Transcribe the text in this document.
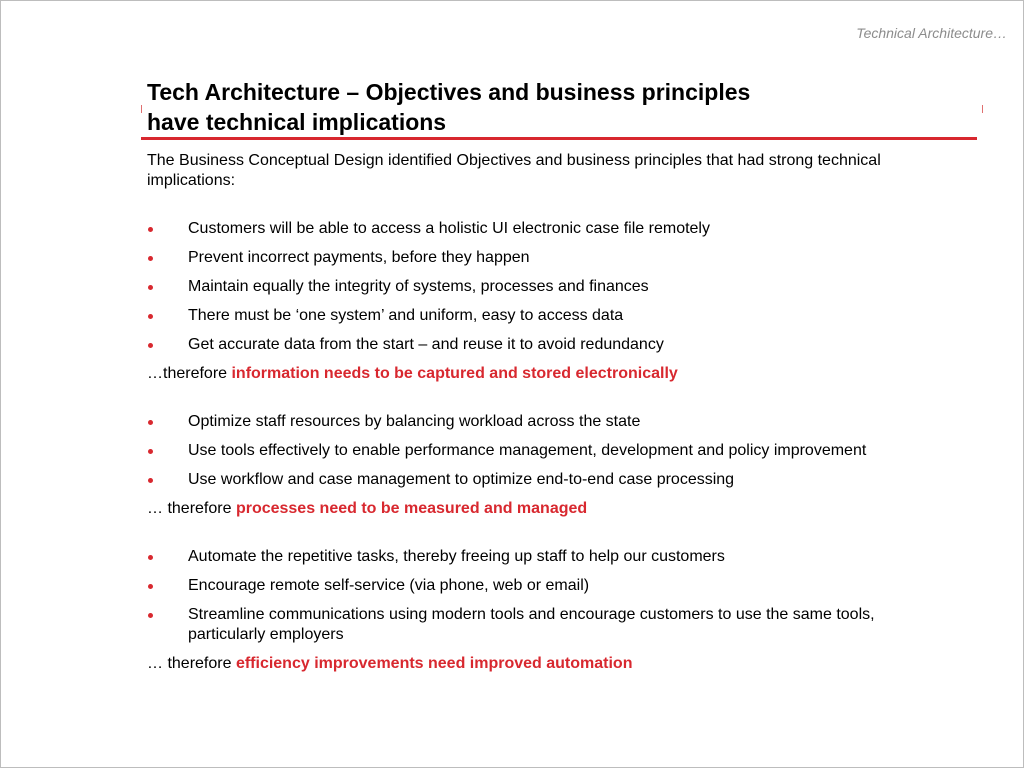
Technical Architecture…
Tech Architecture – Objectives and business principles
have technical implications

The Business Conceptual Design identified Objectives and business principles that had strong technical implications:

Customers will be able to access a holistic UI electronic case file remotely
Prevent incorrect payments, before they happen
Maintain equally the integrity of systems, processes and finances
There must be ‘one system’ and uniform, easy to access data
Get accurate data from the start – and reuse it to avoid redundancy

…therefore information needs to be captured and stored electronically

Optimize staff resources by balancing workload across the state
Use tools effectively to enable performance management, development and policy improvement
Use workflow and case management to optimize end-to-end case processing

… therefore processes need to be measured and managed

Automate the repetitive tasks, thereby freeing up staff to help our customers
Encourage remote self-service (via phone, web or email)
Streamline communications using modern tools and encourage customers to use the same tools, particularly employers

… therefore efficiency improvements need improved automation
